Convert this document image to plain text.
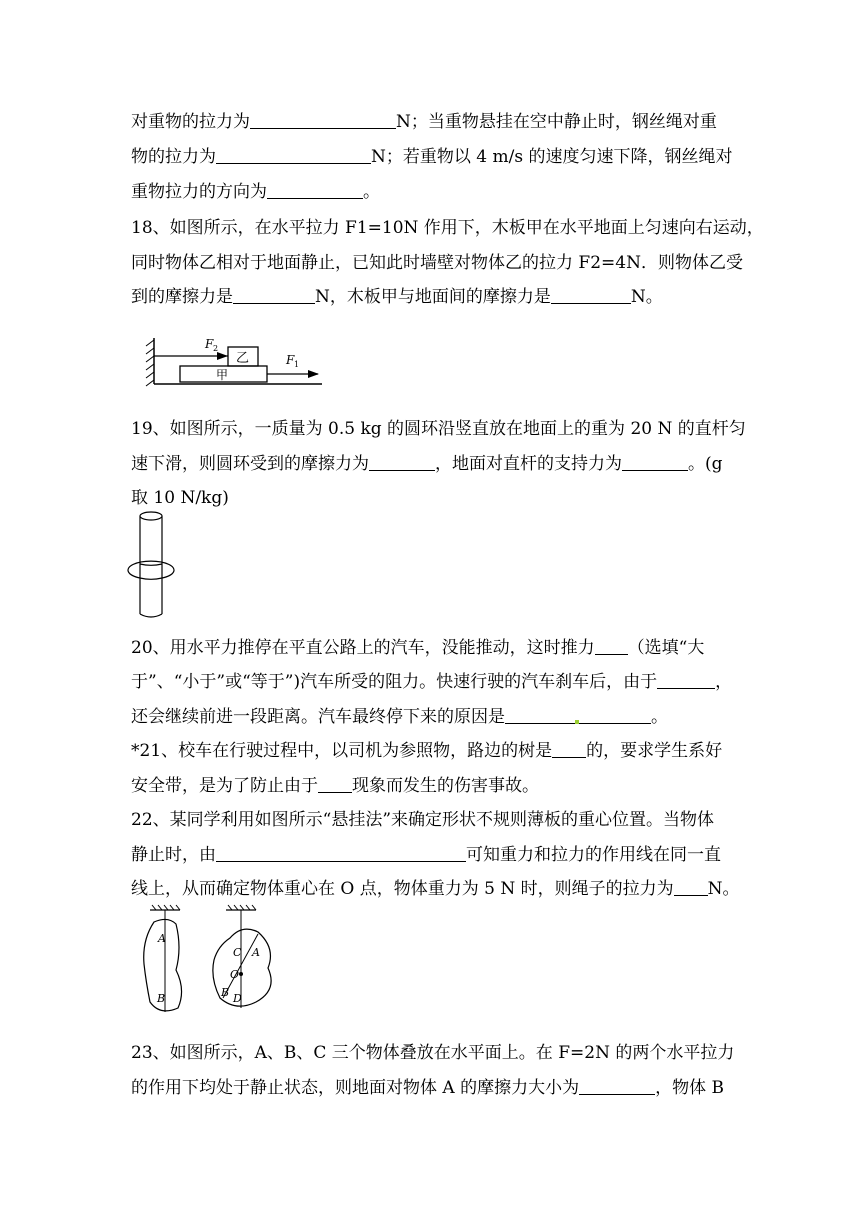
对重物的拉力为	N；当重物悬挂在空中静止时，钢丝绳对重
物的拉力为	N；若重物以 4 m/s 的速度匀速下降，钢丝绳对
重物拉力的方向为	。
18、如图所示，在水平拉力 F1=10N 作用下，木板甲在水平地面上匀速向右运动，
同时物体乙相对于地面静止，已知此时墙壁对物体乙的拉力 F2=4N．则物体乙受
到的摩擦力是	N，木板甲与地面间的摩擦力是	N。
甲
乙
F 2
F 1
19、如图所示，一质量为 0.5 kg 的圆环沿竖直放在地面上的重为 20 N 的直杆匀
速下滑，则圆环受到的摩擦力为	，地面对直杆的支持力为	。(g
取 10 N/kg)
20、用水平力推停在平直公路上的汽车，没能推动，这时推力 （选填“大
于”、“小于”或“等于”)汽车所受的阻力。快速行驶的汽车刹车后，由于	，
还会继续前进一段距离。汽车最终停下来的原因是	。
*21、校车在行驶过程中，以司机为参照物，路边的树是 的，要求学生系好
安全带，是为了防止由于 现象而发生的伤害事故。
22、某同学利用如图所示“悬挂法”来确定形状不规则薄板的重心位置。当物体
静止时，由	可知重力和拉力的作用线在同一直
线上，从而确定物体重心在 O 点，物体重力为 5 N 时，则绳子的拉力为 N。
A
B
C A
O
B D
23、如图所示，A、B、C 三个物体叠放在水平面上。在 F=2N 的两个水平拉力
的作用下均处于静止状态，则地面对物体 A 的摩擦力大小为	，物体 B
